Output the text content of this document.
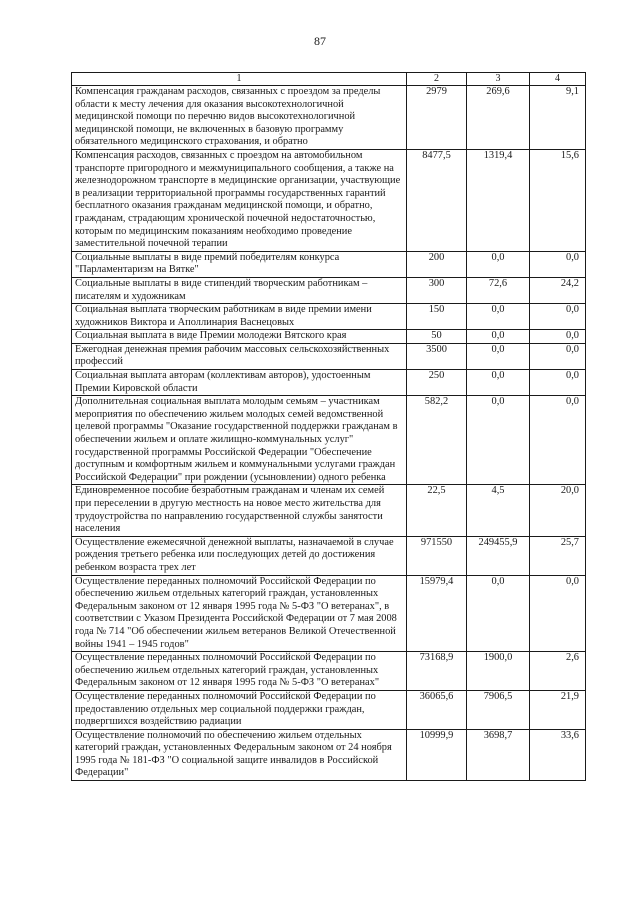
87
1	2	3	4
Компенсация гражданам расходов, связанных с проездом за пределы области к месту лечения для оказания высокотехнологичной медицинской помощи по перечню видов высокотехнологичной медицинской помощи, не включенных в базовую программу обязательного медицинского страхования, и обратно	2979	269,6	9,1
Компенсация расходов, связанных с проездом на автомобильном транспорте пригородного и межмуниципального сообщения, а также на железнодорожном транспорте в медицинские организации, участвующие в реализации территориальной программы государственных гарантий бесплатного оказания гражданам медицинской помощи, и обратно, гражданам, страдающим хронической почечной недостаточностью, которым по медицинским показаниям необходимо проведение заместительной почечной терапии	8477,5	1319,4	15,6
Социальные выплаты в виде премий победителям конкурса "Парламентаризм на Вятке"	200	0,0	0,0
Социальные выплаты в виде стипендий творческим работникам – писателям и художникам	300	72,6	24,2
Социальная выплата творческим работникам в виде премии имени художников Виктора и Аполлинария Васнецовых	150	0,0	0,0
Социальная выплата в виде Премии молодежи Вятского края	50	0,0	0,0
Ежегодная денежная премия рабочим массовых сельскохозяйственных профессий	3500	0,0	0,0
Социальная выплата авторам (коллективам авторов), удостоенным Премии Кировской области	250	0,0	0,0
Дополнительная социальная выплата молодым семьям – участникам мероприятия по обеспечению жильем молодых семей ведомственной целевой программы "Оказание государственной поддержки гражданам в обеспечении жильем и оплате жилищно-коммунальных услуг" государственной программы Российской Федерации "Обеспечение доступным и комфортным жильем и коммунальными услугами граждан Российской Федерации" при рождении (усыновлении) одного ребенка	582,2	0,0	0,0
Единовременное пособие безработным гражданам и членам их семей при переселении в другую местность на новое место жительства для трудоустройства по направлению государственной службы занятости населения	22,5	4,5	20,0
Осуществление ежемесячной денежной выплаты, назначаемой в случае рождения третьего ребенка или последующих детей до достижения ребенком возраста трех лет	971550	249455,9	25,7
Осуществление переданных полномочий Российской Федерации по обеспечению жильем отдельных категорий граждан, установленных Федеральным законом от 12 января 1995 года № 5-ФЗ "О ветеранах", в соответствии с Указом Президента Российской Федерации от 7 мая 2008 года № 714 "Об обеспечении жильем ветеранов Великой Отечественной войны 1941 – 1945 годов"	15979,4	0,0	0,0
Осуществление переданных полномочий Российской Федерации по обеспечению жильем отдельных категорий граждан, установленных Федеральным законом от 12 января 1995 года № 5-ФЗ "О ветеранах"	73168,9	1900,0	2,6
Осуществление переданных полномочий Российской Федерации по предоставлению отдельных мер социальной поддержки граждан, подвергшихся воздействию радиации	36065,6	7906,5	21,9
Осуществление полномочий по обеспечению жильем отдельных категорий граждан, установленных Федеральным законом от 24 ноября 1995 года № 181-ФЗ "О социальной защите инвалидов в Российской Федерации"	10999,9	3698,7	33,6
